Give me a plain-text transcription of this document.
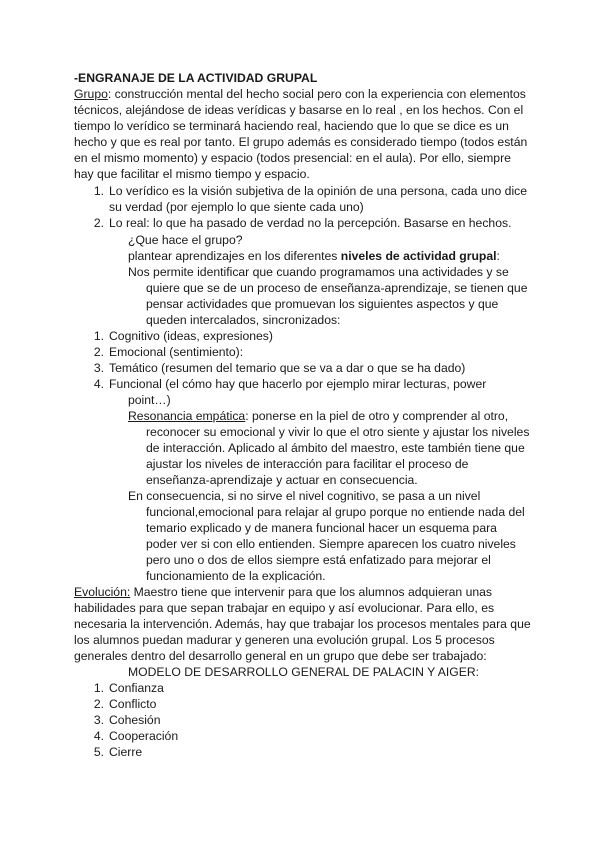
-ENGRANAJE DE LA ACTIVIDAD GRUPAL
Grupo: construcción mental del hecho social pero con la experiencia con elementos
técnicos, alejándose de ideas verídicas y basarse en lo real , en los hechos. Con el
tiempo lo verídico se terminará haciendo real, haciendo que lo que se dice es un
hecho y que es real por tanto. El grupo además es considerado tiempo (todos están
en el mismo momento) y espacio (todos presencial: en el aula). Por ello, siempre
hay que facilitar el mismo tiempo y espacio.
1. Lo verídico es la visión subjetiva de la opinión de una persona, cada uno dice
su verdad (por ejemplo lo que siente cada uno)
2. Lo real: lo que ha pasado de verdad no la percepción. Basarse en hechos.
¿Que hace el grupo?
plantear aprendizajes en los diferentes niveles de actividad grupal:
Nos permite identificar que cuando programamos una actividades y se
quiere que se de un proceso de enseñanza-aprendizaje, se tienen que
pensar actividades que promuevan los siguientes aspectos y que
queden intercalados, sincronizados:
1. Cognitivo (ideas, expresiones)
2. Emocional (sentimiento):
3. Temático (resumen del temario que se va a dar o que se ha dado)
4. Funcional (el cómo hay que hacerlo por ejemplo mirar lecturas, power
point…)
Resonancia empática: ponerse en la piel de otro y comprender al otro,
reconocer su emocional y vivir lo que el otro siente y ajustar los niveles
de interacción. Aplicado al ámbito del maestro, este también tiene que
ajustar los niveles de interacción para facilitar el proceso de
enseñanza-aprendizaje y actuar en consecuencia.
En consecuencia, si no sirve el nivel cognitivo, se pasa a un nivel
funcional,emocional para relajar al grupo porque no entiende nada del
temario explicado y de manera funcional hacer un esquema para
poder ver si con ello entienden. Siempre aparecen los cuatro niveles
pero uno o dos de ellos siempre está enfatizado para mejorar el
funcionamiento de la explicación.
Evolución: Maestro tiene que intervenir para que los alumnos adquieran unas
habilidades para que sepan trabajar en equipo y así evolucionar. Para ello, es
necesaria la intervención. Además, hay que trabajar los procesos mentales para que
los alumnos puedan madurar y generen una evolución grupal. Los 5 procesos
generales dentro del desarrollo general en un grupo que debe ser trabajado:
MODELO DE DESARROLLO GENERAL DE PALACIN Y AIGER:
1. Confianza
2. Conflicto
3. Cohesión
4. Cooperación
5. Cierre
